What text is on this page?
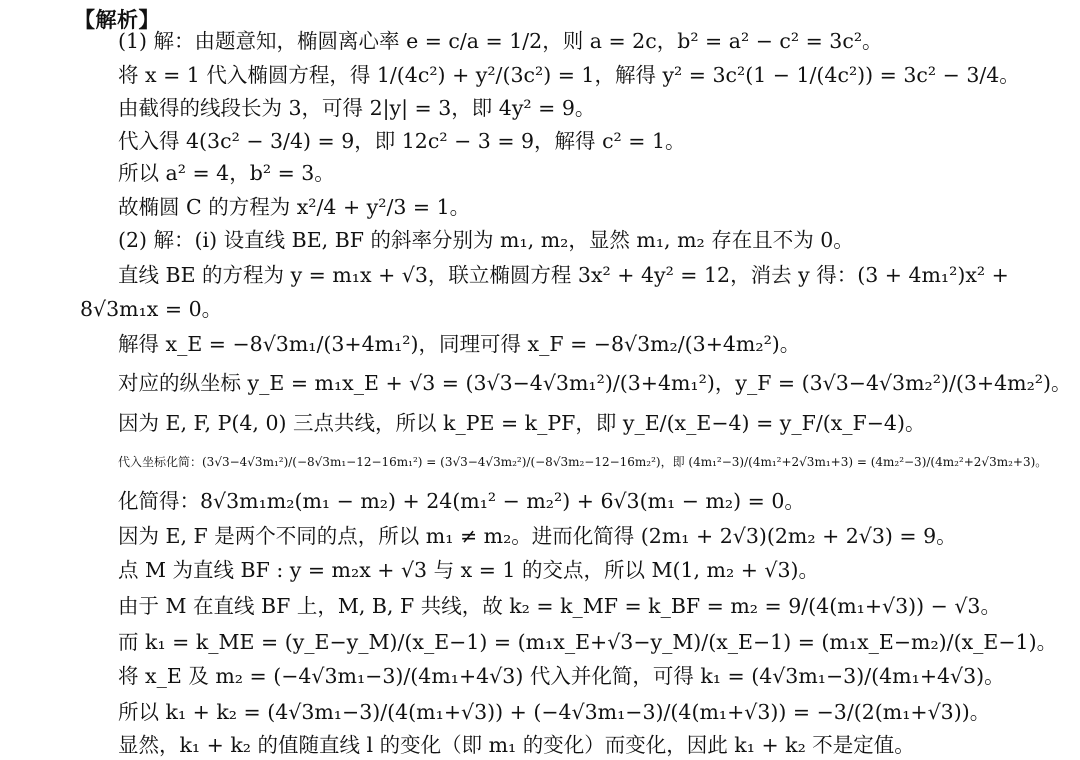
【解析】
(1) 解：由题意知，椭圆离心率 e = c/a = 1/2，则 a = 2c，b² = a² − c² = 3c²。
将 x = 1 代入椭圆方程，得 1/(4c²) + y²/(3c²) = 1，解得 y² = 3c²(1 − 1/(4c²)) = 3c² − 3/4。
由截得的线段长为 3，可得 2|y| = 3，即 4y² = 9。
代入得 4(3c² − 3/4) = 9，即 12c² − 3 = 9，解得 c² = 1。
所以 a² = 4，b² = 3。
故椭圆 C 的方程为 x²/4 + y²/3 = 1。
(2) 解：(i) 设直线 BE, BF 的斜率分别为 m₁, m₂，显然 m₁, m₂ 存在且不为 0。
直线 BE 的方程为 y = m₁x + √3，联立椭圆方程 3x² + 4y² = 12，消去 y 得：(3 + 4m₁²)x² +
8√3m₁x = 0。
解得 x_E = −8√3m₁/(3+4m₁²)，同理可得 x_F = −8√3m₂/(3+4m₂²)。
对应的纵坐标 y_E = m₁x_E + √3 = (3√3−4√3m₁²)/(3+4m₁²)，y_F = (3√3−4√3m₂²)/(3+4m₂²)。
因为 E, F, P(4, 0) 三点共线，所以 k_PE = k_PF，即 y_E/(x_E−4) = y_F/(x_F−4)。
代入坐标化简：(3√3−4√3m₁²)/(−8√3m₁−12−16m₁²) = (3√3−4√3m₂²)/(−8√3m₂−12−16m₂²)，即 (4m₁²−3)/(4m₁²+2√3m₁+3) = (4m₂²−3)/(4m₂²+2√3m₂+3)。
化简得：8√3m₁m₂(m₁ − m₂) + 24(m₁² − m₂²) + 6√3(m₁ − m₂) = 0。
因为 E, F 是两个不同的点，所以 m₁ ≠ m₂。进而化简得 (2m₁ + 2√3)(2m₂ + 2√3) = 9。
点 M 为直线 BF : y = m₂x + √3 与 x = 1 的交点，所以 M(1, m₂ + √3)。
由于 M 在直线 BF 上，M, B, F 共线，故 k₂ = k_MF = k_BF = m₂ = 9/(4(m₁+√3)) − √3。
而 k₁ = k_ME = (y_E−y_M)/(x_E−1) = (m₁x_E+√3−y_M)/(x_E−1) = (m₁x_E−m₂)/(x_E−1)。
将 x_E 及 m₂ = (−4√3m₁−3)/(4m₁+4√3) 代入并化简，可得 k₁ = (4√3m₁−3)/(4m₁+4√3)。
所以 k₁ + k₂ = (4√3m₁−3)/(4(m₁+√3)) + (−4√3m₁−3)/(4(m₁+√3)) = −3/(2(m₁+√3))。
显然，k₁ + k₂ 的值随直线 l 的变化（即 m₁ 的变化）而变化，因此 k₁ + k₂ 不是定值。
